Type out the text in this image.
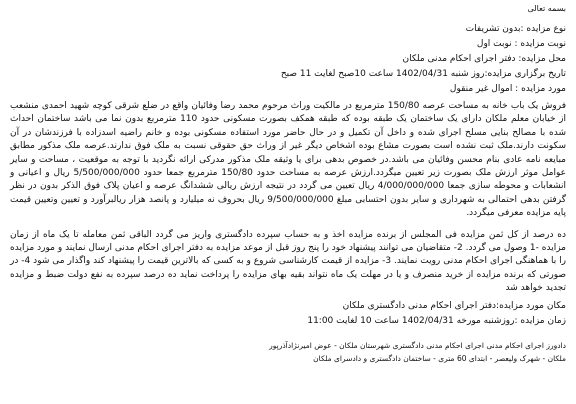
بسمه تعالی

نوع مزایده :بدون تشریفات

نوبت مزایده : نوبت اول

محل مزایده: دفتر اجرای احکام مدنی ملکان

تاریخ برگزاری مزایده:روز شنبه 1402/04/31 ساعت 10صبح لغایت 11 صبح

مورد مزایده : اموال غیر منقول

فروش یک باب خانه به مساحت عرصه 150/80 مترمربع در مالکیت وراث مرحوم محمد رضا وفائیان واقع در ضلع شرقی کوچه شهید احمدی منشعب از خیابان معلم ملکان دارای یک ساختمان یک طبقه بوده که طبقه همکف بصورت مسکونی حدود 110 مترمربع بدون نما می باشد ساختمان احداث شده با مصالح بنایی مسلح اجرای شده و داخل آن تکمیل و در حال حاضر مورد استفاده مسکونی بوده و خانم راضیه اسدزاده با فرزندشان در آن سکونت دارند.ملک ثبت نشده است بصورت مشاع بوده اشخاص دیگر غیر از وراث حق حقوقی نسبت به ملک فوق ندارند.عرصه ملک مذکور مطابق مبایعه نامه عادی بنام محسن وفائیان می باشد.در خصوص بدهی برای یا وثیقه ملک مذکور مدرکی ارائه نگردید با توجه به موقعیت ، مساحت و سایر عوامل موثر ارزش ملک بصورت زیر تعیین میگردد.ارزش عرصه به مساحت حدود 150/80 مترمربع جمعا حدود 5/500/000/000 ریال و اعیانی و انشعابات و محوطه سازی جمعا 4/000/000/000 ریال تعیین می گردد در نتیجه ارزش ریالی ششدانگ عرصه و اعیان پلاک فوق الذکر بدون در نظر گرفتن بدهی احتمالی به شهرداری و سایر بدون احتسابی مبلغ 9/500/000/000 ریال بحروف نه میلیارد و پانصد هزار ریالبرآورد و تعیین وتعیین قیمت پایه مزایده معرفی میگردد.

ده درصد از کل ثمن مزایده فی المجلس از برنده مزایده اخذ و به حساب سپرده دادگستری واریز می گردد الباقی ثمن معامله تا یک ماه از زمان مزایده -1 وصول می گردد. 2- متقاضیان می توانند پیشنهاد خود را پنج روز قبل از موعد مزایده به دفتر اجرای احکام مدنی ارسال نمایند و مورد مزایده را با هماهنگی اجرای احکام مدنی رویت نمایند. 3- مزایده از قیمت کارشناسی شروع و به کسی که بالاترین قیمت را پیشنهاد کند واگذار می شود 4- در صورتی که برنده مزایده از خرید منصرف و یا در مهلت یک ماه نتواند بقیه بهای مزایده را پرداخت نماید ده درصد سپرده به نفع دولت ضبط و مزایده تجدید خواهد شد

مکان مورد مزایده:دفتر اجرای احکام مدنی دادگستری ملکان

زمان مزایده :روزشنبه مورخه 1402/04/31 ساعت 10 لغایت 11:00

دادورز اجرای احکام مدنی اجرای احکام مدنی دادگستری شهرستان ملکان - عوض امیرنژادآذرپور

ملکان - شهرک ولیعصر - ابتدای 60 متری - ساختمان دادگستری و دادسرای ملکان
